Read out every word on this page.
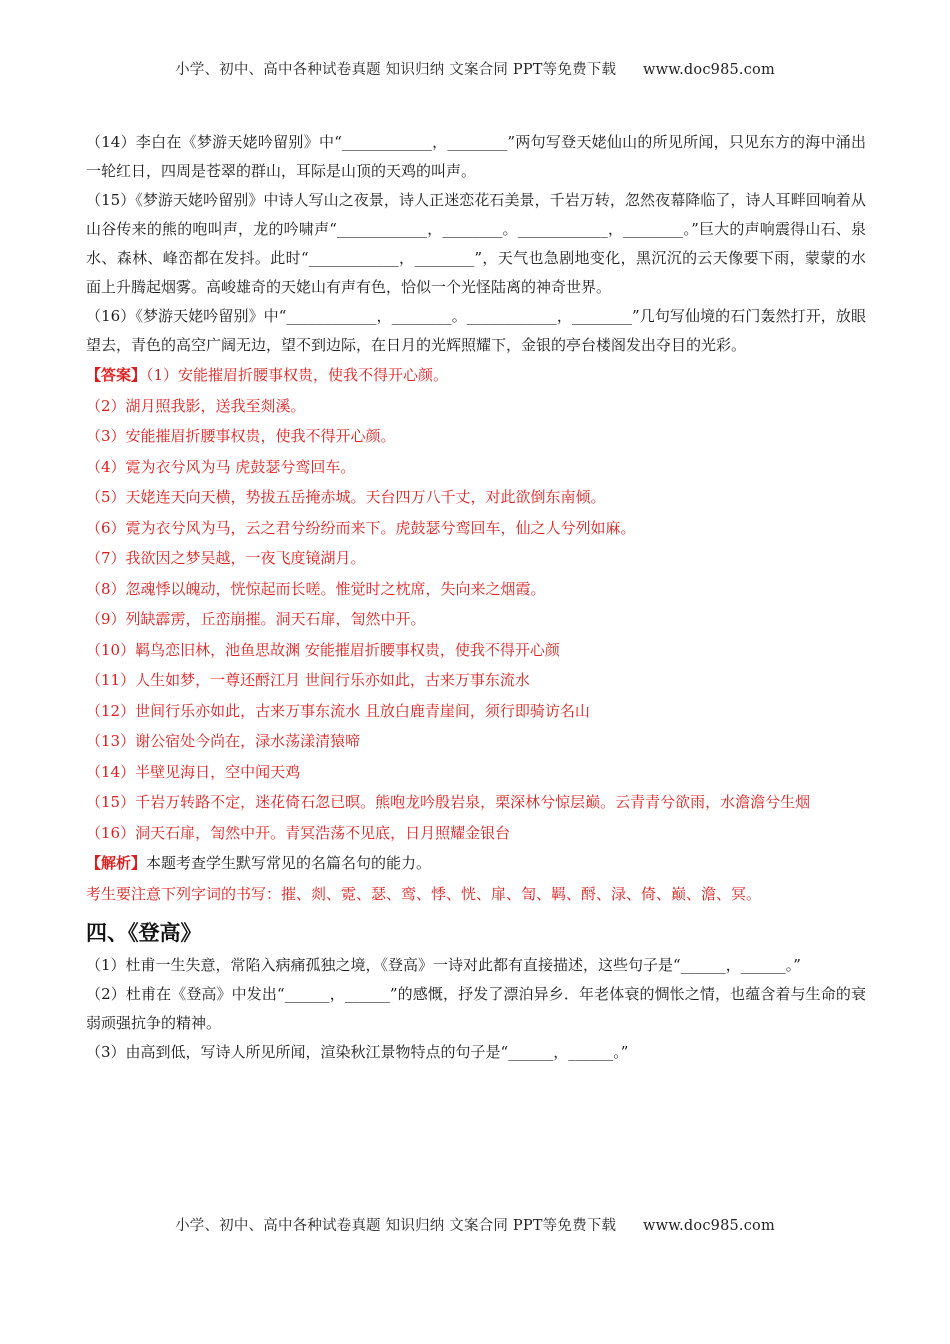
小学、初中、高中各种试卷真题 知识归纳 文案合同 PPT等免费下载 www.doc985.com

（14）李白在《梦游天姥吟留别》中“____________，________”两句写登天姥仙山的所见所闻，只见东方的海中涌出一轮红日，四周是苍翠的群山，耳际是山顶的天鸡的叫声。

（15）《梦游天姥吟留别》中诗人写山之夜景，诗人正迷恋花石美景，千岩万转，忽然夜幕降临了，诗人耳畔回响着从山谷传来的熊的咆叫声，龙的吟啸声“____________，________。____________，________。”巨大的声响震得山石、泉水、森林、峰峦都在发抖。此时“____________，________”，天气也急剧地变化，黑沉沉的云天像要下雨，蒙蒙的水面上升腾起烟雾。高峻雄奇的天姥山有声有色，恰似一个光怪陆离的神奇世界。

（16）《梦游天姥吟留别》中“____________，________。____________，________”几句写仙境的石门轰然打开，放眼望去，青色的高空广阔无边，望不到边际，在日月的光辉照耀下，金银的亭台楼阁发出夺目的光彩。

【答案】（1）安能摧眉折腰事权贵，使我不得开心颜。

（2）湖月照我影，送我至剡溪。

（3）安能摧眉折腰事权贵，使我不得开心颜。

（4）霓为衣兮风为马 虎鼓瑟兮鸾回车。

（5）天姥连天向天横，势拔五岳掩赤城。天台四万八千丈，对此欲倒东南倾。

（6）霓为衣兮风为马，云之君兮纷纷而来下。虎鼓瑟兮鸾回车，仙之人兮列如麻。

（7）我欲因之梦吴越，一夜飞度镜湖月。

（8）忽魂悸以魄动，恍惊起而长嗟。惟觉时之枕席，失向来之烟霞。

（9）列缺霹雳，丘峦崩摧。洞天石扉，訇然中开。

（10）羁鸟恋旧林，池鱼思故渊 安能摧眉折腰事权贵，使我不得开心颜

（11）人生如梦，一尊还酹江月 世间行乐亦如此，古来万事东流水

（12）世间行乐亦如此，古来万事东流水 且放白鹿青崖间，须行即骑访名山

（13）谢公宿处今尚在，渌水荡漾清猿啼

（14）半壁见海日，空中闻天鸡

（15）千岩万转路不定，迷花倚石忽已暝。熊咆龙吟殷岩泉，栗深林兮惊层巅。云青青兮欲雨，水澹澹兮生烟

（16）洞天石扉，訇然中开。青冥浩荡不见底，日月照耀金银台

【解析】本题考查学生默写常见的名篇名句的能力。

考生要注意下列字词的书写：摧、剡、霓、瑟、鸾、悸、恍、扉、訇、羁、酹、渌、倚、巅、澹、冥。

四、《登高》

（1）杜甫一生失意，常陷入病痛孤独之境，《登高》一诗对此都有直接描述，这些句子是“______，______。”

（2）杜甫在《登高》中发出“______，______”的感慨，抒发了漂泊异乡．年老体衰的惆怅之情，也蕴含着与生命的衰弱顽强抗争的精神。

（3）由高到低，写诗人所见所闻，渲染秋江景物特点的句子是“______，______。”

小学、初中、高中各种试卷真题 知识归纳 文案合同 PPT等免费下载 www.doc985.com
